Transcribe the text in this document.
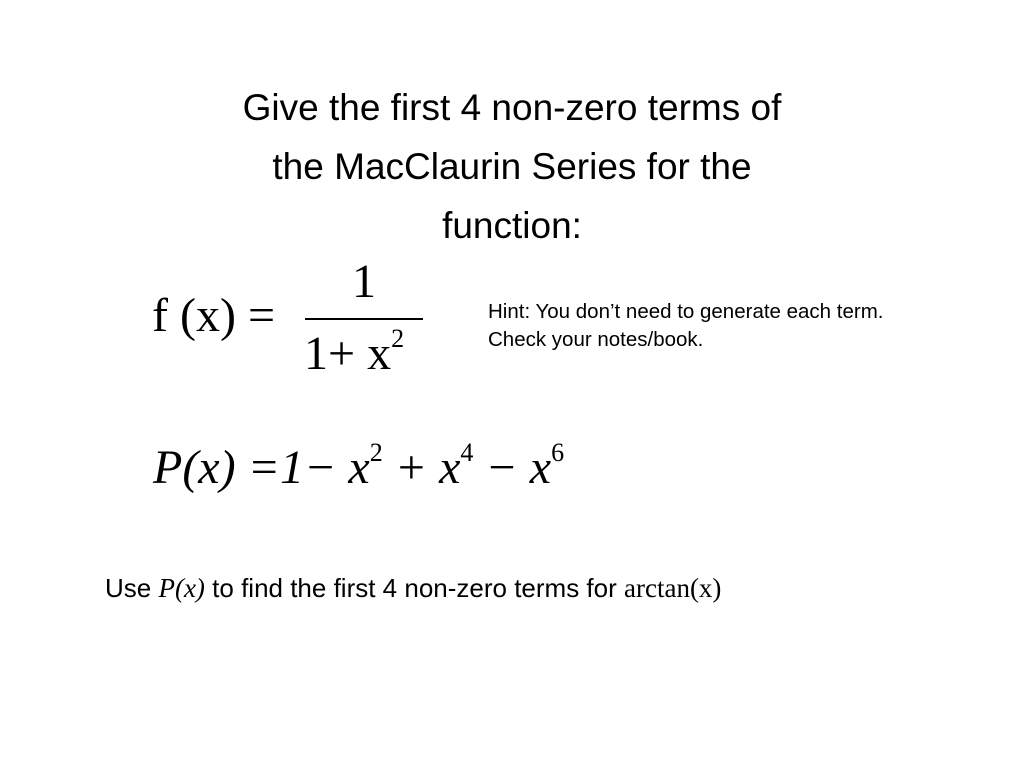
Give the first 4 non-zero terms of
the MacClaurin Series for the
function:
f (x) =
1
$1+ x^2$
Hint: You don’t need to generate each term. Check your notes/book.
$P(x) =1- x^2 + x^4 - x^6$
Use P(x) to find the first 4 non-zero terms for arctan(x)
